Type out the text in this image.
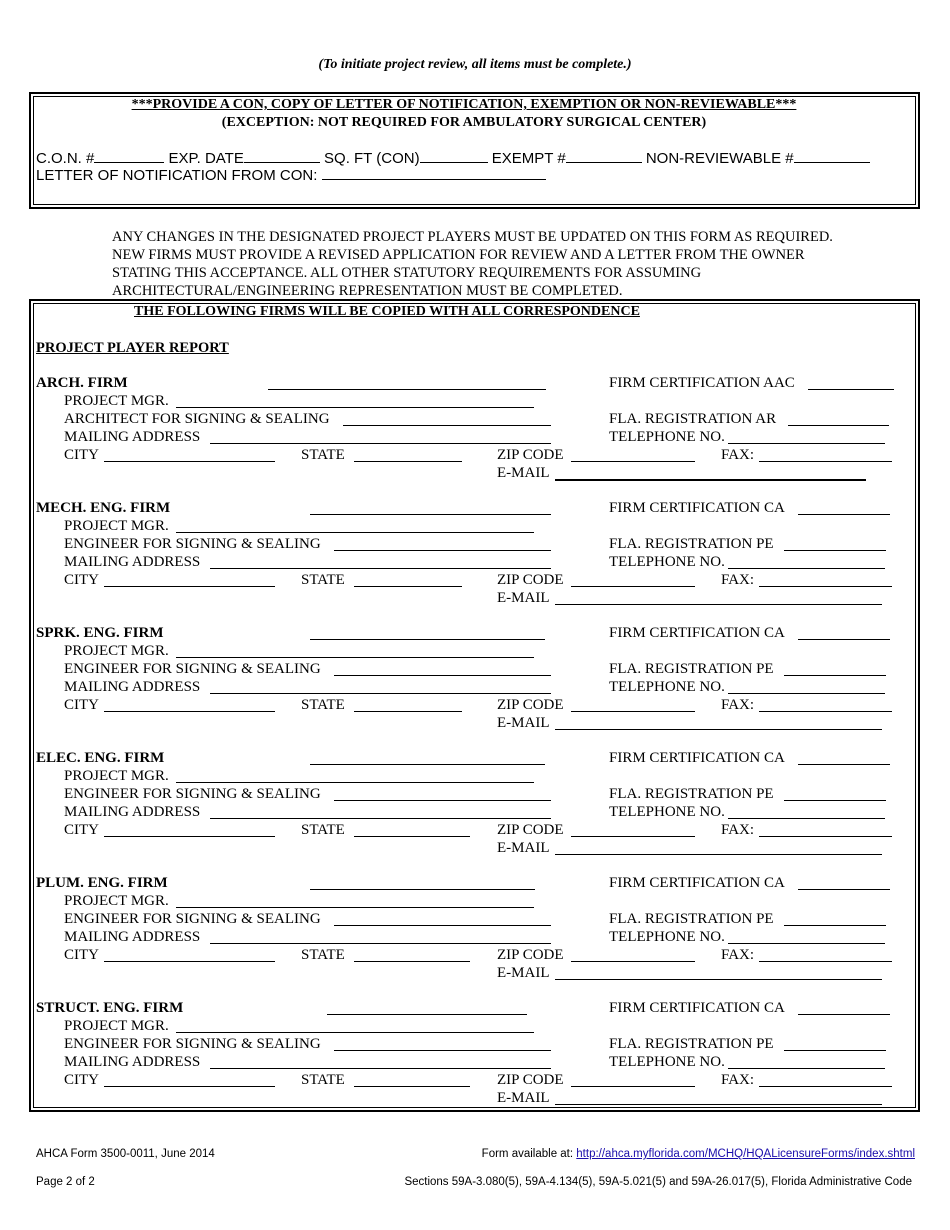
(To initiate project review, all items must be complete.)
***PROVIDE A CON, COPY OF LETTER OF NOTIFICATION, EXEMPTION OR NON-REVIEWABLE***
(EXCEPTION: NOT REQUIRED FOR AMBULATORY SURGICAL CENTER)
C.O.N. #	EXP. DATE	SQ. FT (CON)	EXEMPT #	NON-REVIEWABLE #
LETTER OF NOTIFICATION FROM CON:
ANY CHANGES IN THE DESIGNATED PROJECT PLAYERS MUST BE UPDATED ON THIS FORM AS REQUIRED.
NEW FIRMS MUST PROVIDE A REVISED APPLICATION FOR REVIEW AND A LETTER FROM THE OWNER
STATING THIS ACCEPTANCE. ALL OTHER STATUTORY REQUIREMENTS FOR ASSUMING
ARCHITECTURAL/ENGINEERING REPRESENTATION MUST BE COMPLETED.
THE FOLLOWING FIRMS WILL BE COPIED WITH ALL CORRESPONDENCE
PROJECT PLAYER REPORT
ARCH. FIRM	FIRM CERTIFICATION AAC
PROJECT MGR.
ARCHITECT FOR SIGNING & SEALING	FLA. REGISTRATION AR
MAILING ADDRESS	TELEPHONE NO.
CITY	STATE	ZIP CODE	FAX:
E-MAIL
MECH. ENG. FIRM	FIRM CERTIFICATION CA
PROJECT MGR.
ENGINEER FOR SIGNING & SEALING	FLA. REGISTRATION PE
MAILING ADDRESS	TELEPHONE NO.
CITY	STATE	ZIP CODE	FAX:
E-MAIL
SPRK. ENG. FIRM	FIRM CERTIFICATION CA
PROJECT MGR.
ENGINEER FOR SIGNING & SEALING	FLA. REGISTRATION PE
MAILING ADDRESS	TELEPHONE NO.
CITY	STATE	ZIP CODE	FAX:
E-MAIL
ELEC. ENG. FIRM	FIRM CERTIFICATION CA
PROJECT MGR.
ENGINEER FOR SIGNING & SEALING	FLA. REGISTRATION PE
MAILING ADDRESS	TELEPHONE NO.
CITY	STATE	ZIP CODE	FAX:
E-MAIL
PLUM. ENG. FIRM	FIRM CERTIFICATION CA
PROJECT MGR.
ENGINEER FOR SIGNING & SEALING	FLA. REGISTRATION PE
MAILING ADDRESS	TELEPHONE NO.
CITY	STATE	ZIP CODE	FAX:
E-MAIL
STRUCT. ENG. FIRM	FIRM CERTIFICATION CA
PROJECT MGR.
ENGINEER FOR SIGNING & SEALING	FLA. REGISTRATION PE
MAILING ADDRESS	TELEPHONE NO.
CITY	STATE	ZIP CODE	FAX:
E-MAIL
AHCA Form 3500-0011, June 2014	Form available at: http://ahca.myflorida.com/MCHQ/HQALicensureForms/index.shtml
Page 2 of 2	Sections 59A-3.080(5), 59A-4.134(5), 59A-5.021(5) and 59A-26.017(5), Florida Administrative Code
